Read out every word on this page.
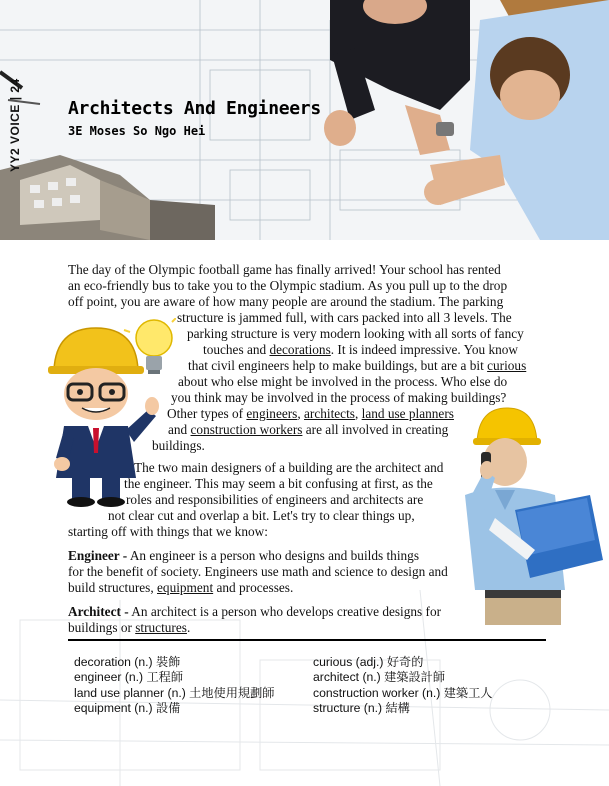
YY2 VOICE | 24	Architects And Engineers
3E Moses So Ngo Hei
The day of the Olympic football game has finally arrived! Your school has rented
an eco-friendly bus to take you to the Olympic stadium. As you pull up to the drop
off point, you are aware of how many people are around the stadium. The parking
structure is jammed full, with cars packed into all 3 levels. The
parking structure is very modern looking with all sorts of fancy
touches and decorations. It is indeed impressive. You know
that civil engineers help to make buildings, but are a bit curious
about who else might be involved in the process. Who else do
you think may be involved in the process of making buildings?
Other types of engineers, architects, land use planners
and construction workers are all involved in creating
buildings.
The two main designers of a building are the architect and
the engineer. This may seem a bit confusing at first, as the
roles and responsibilities of engineers and architects are
not clear cut and overlap a bit. Let's try to clear things up,
starting off with things that we know:
Engineer - An engineer is a person who designs and builds things
for the benefit of society. Engineers use math and science to design and
build structures, equipment and processes.
Architect - An architect is a person who develops creative designs for
buildings or structures.
decoration (n.) 裝飾
engineer (n.) 工程師
land use planner (n.) 土地使用規劃師
equipment (n.) 設備
curious (adj.) 好奇的
architect (n.) 建築設計師
construction worker (n.) 建築工人
structure (n.) 結構
